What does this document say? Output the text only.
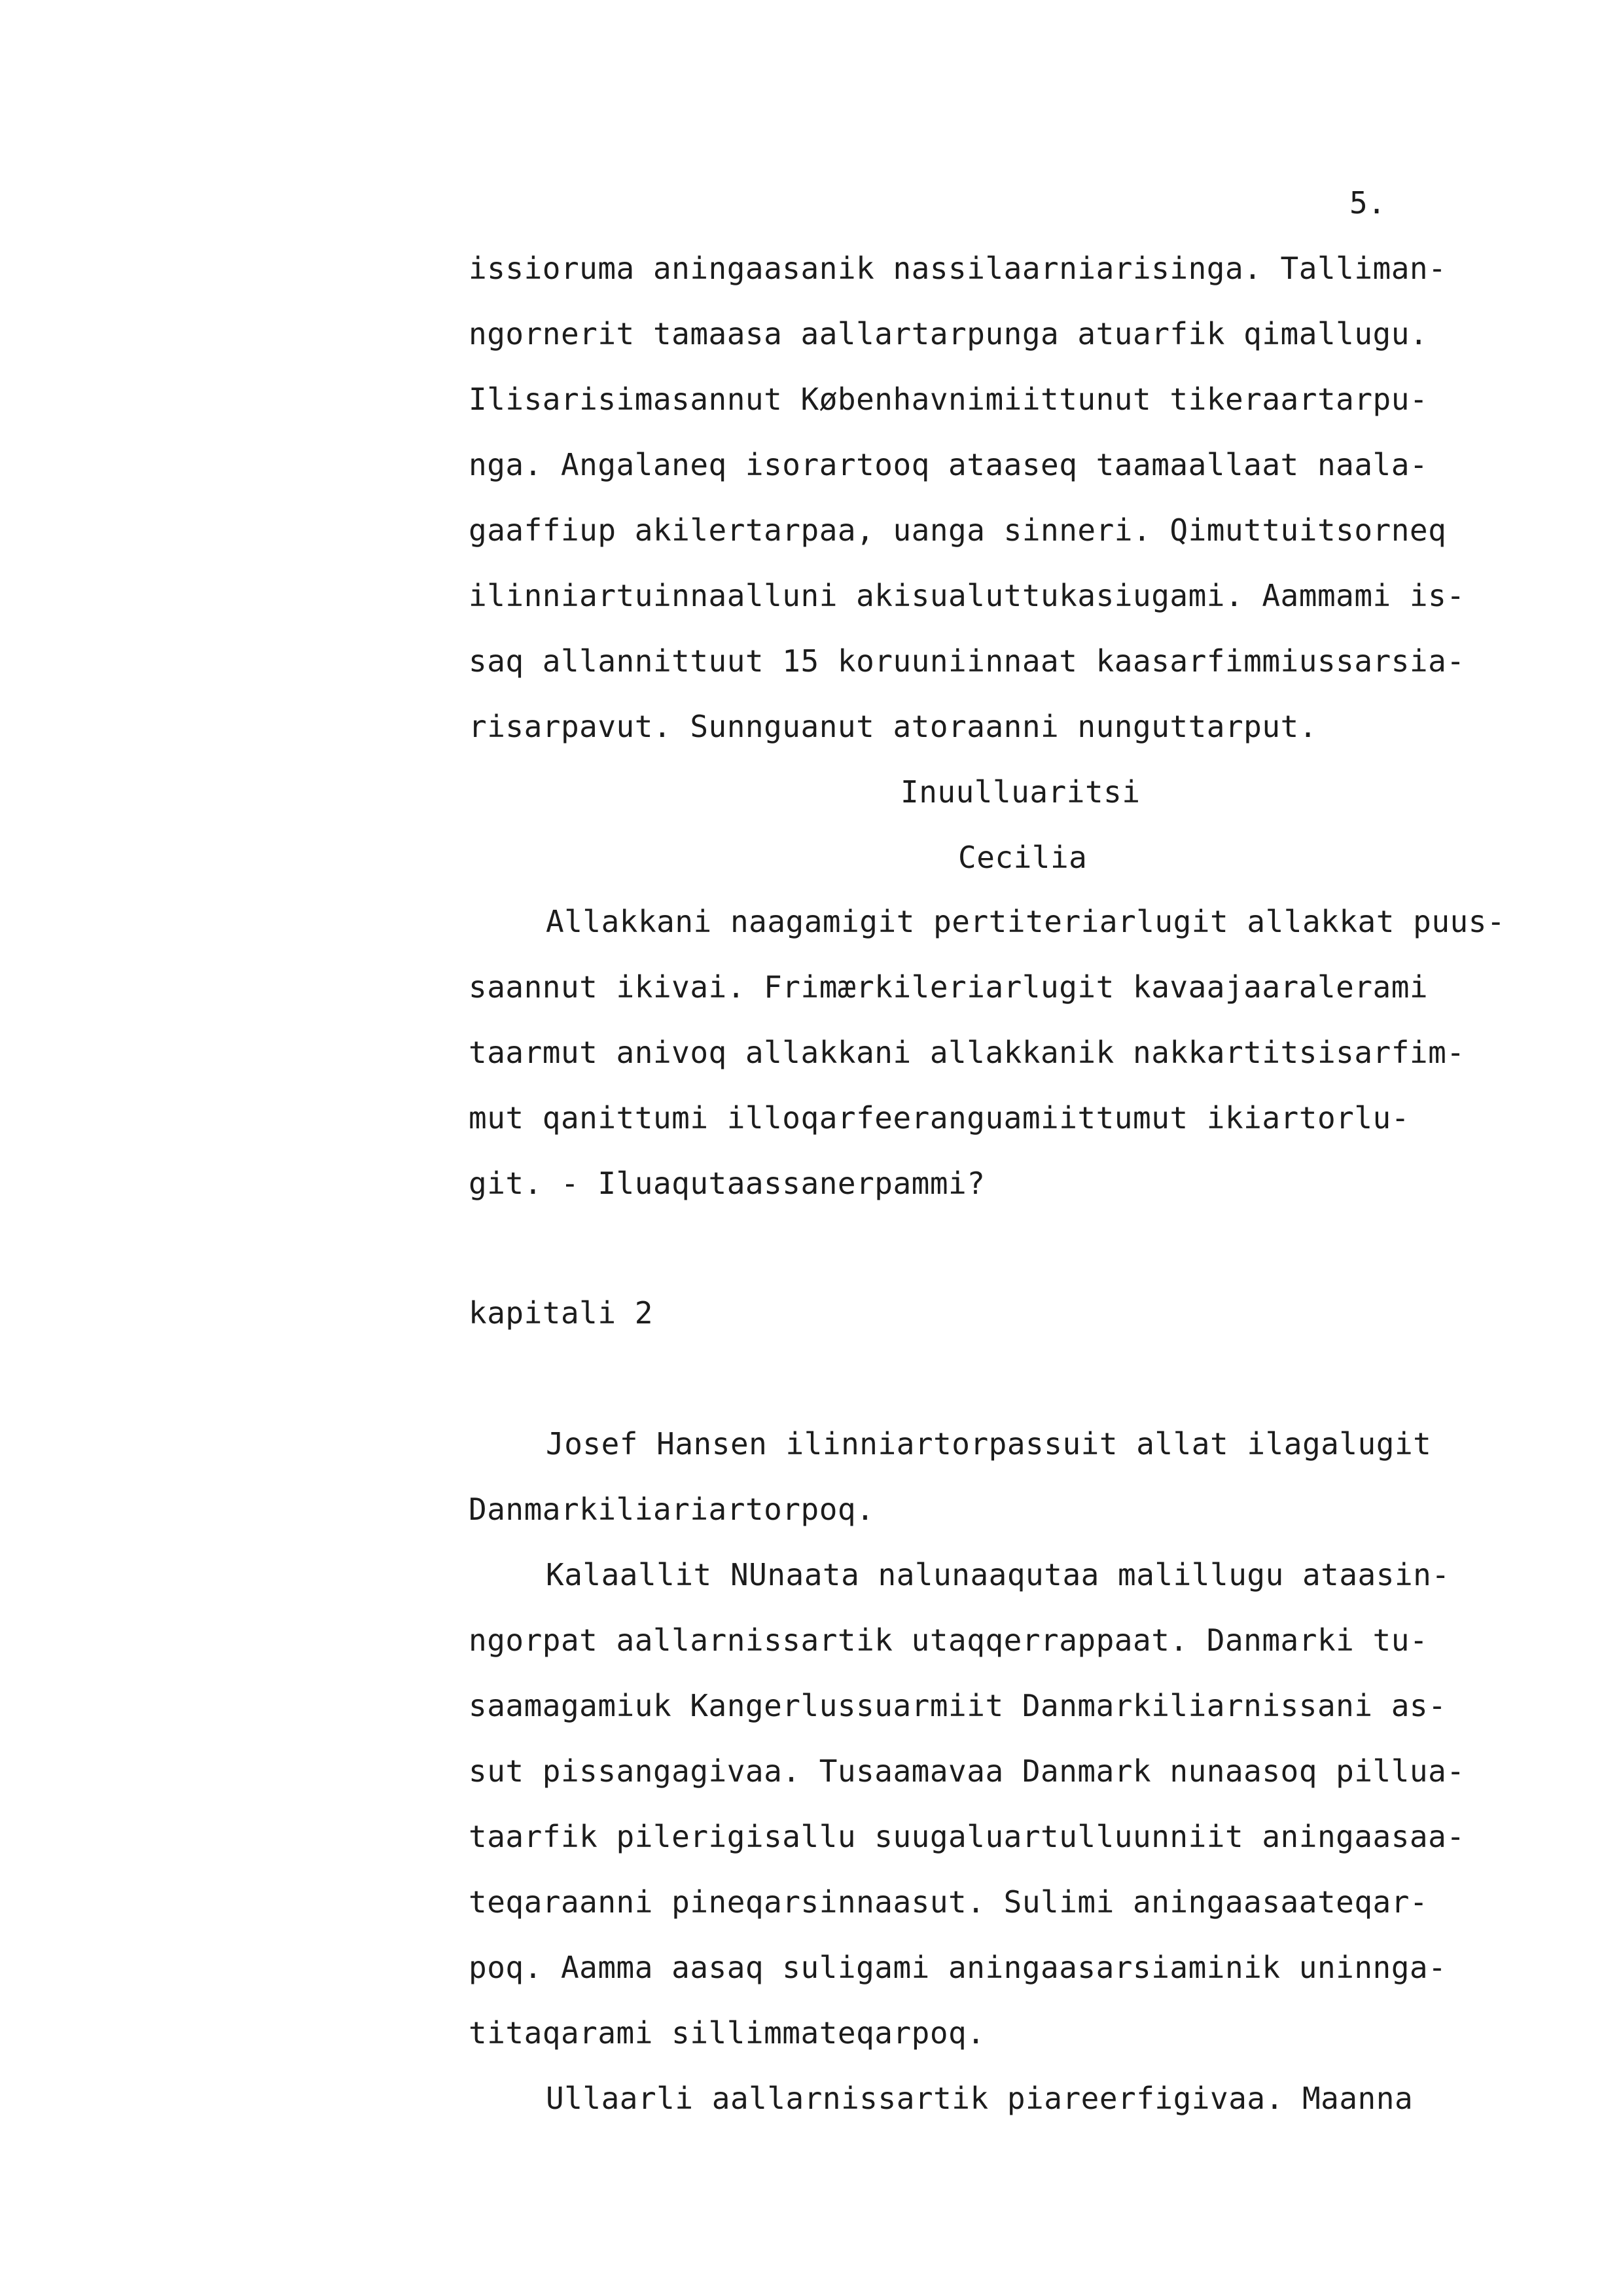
5.
issioruma aningaasanik nassilaarniarisinga. Talliman-
ngornerit tamaasa aallartarpunga atuarfik qimallugu.
Ilisarisimasannut Københavnimiittunut tikeraartarpu-
nga. Angalaneq isorartooq ataaseq taamaallaat naala-
gaaffiup akilertarpaa, uanga sinneri. Qimuttuitsorneq
ilinniartuinnaalluni akisualuttukasiugami. Aammami is-
saq allannittuut 15 koruuniinnaat kaasarfimmiussarsia-
risarpavut. Sunnguanut atoraanni nunguttarput.
Inuulluaritsi
Cecilia
Allakkani naagamigit pertiteriarlugit allakkat puus-
saannut ikivai. Frimærkileriarlugit kavaajaaralerami
taarmut anivoq allakkani allakkanik nakkartitsisarfim-
mut qanittumi illoqarfeeranguamiittumut ikiartorlu-
git. - Iluaqutaassanerpammi?
kapitali 2
Josef Hansen ilinniartorpassuit allat ilagalugit
Danmarkiliariartorpoq.
Kalaallit NUnaata nalunaaqutaa malillugu ataasin-
ngorpat aallarnissartik utaqqerrappaat. Danmarki tu-
saamagamiuk Kangerlussuarmiit Danmarkiliarnissani as-
sut pissangagivaa. Tusaamavaa Danmark nunaasoq pillua-
taarfik pilerigisallu suugaluartulluunniit aningaasaa-
teqaraanni pineqarsinnaasut. Sulimi aningaasaateqar-
poq. Aamma aasaq suligami aningaasarsiaminik uninnga-
titaqarami sillimmateqarpoq.
Ullaarli aallarnissartik piareerfigivaa. Maanna
